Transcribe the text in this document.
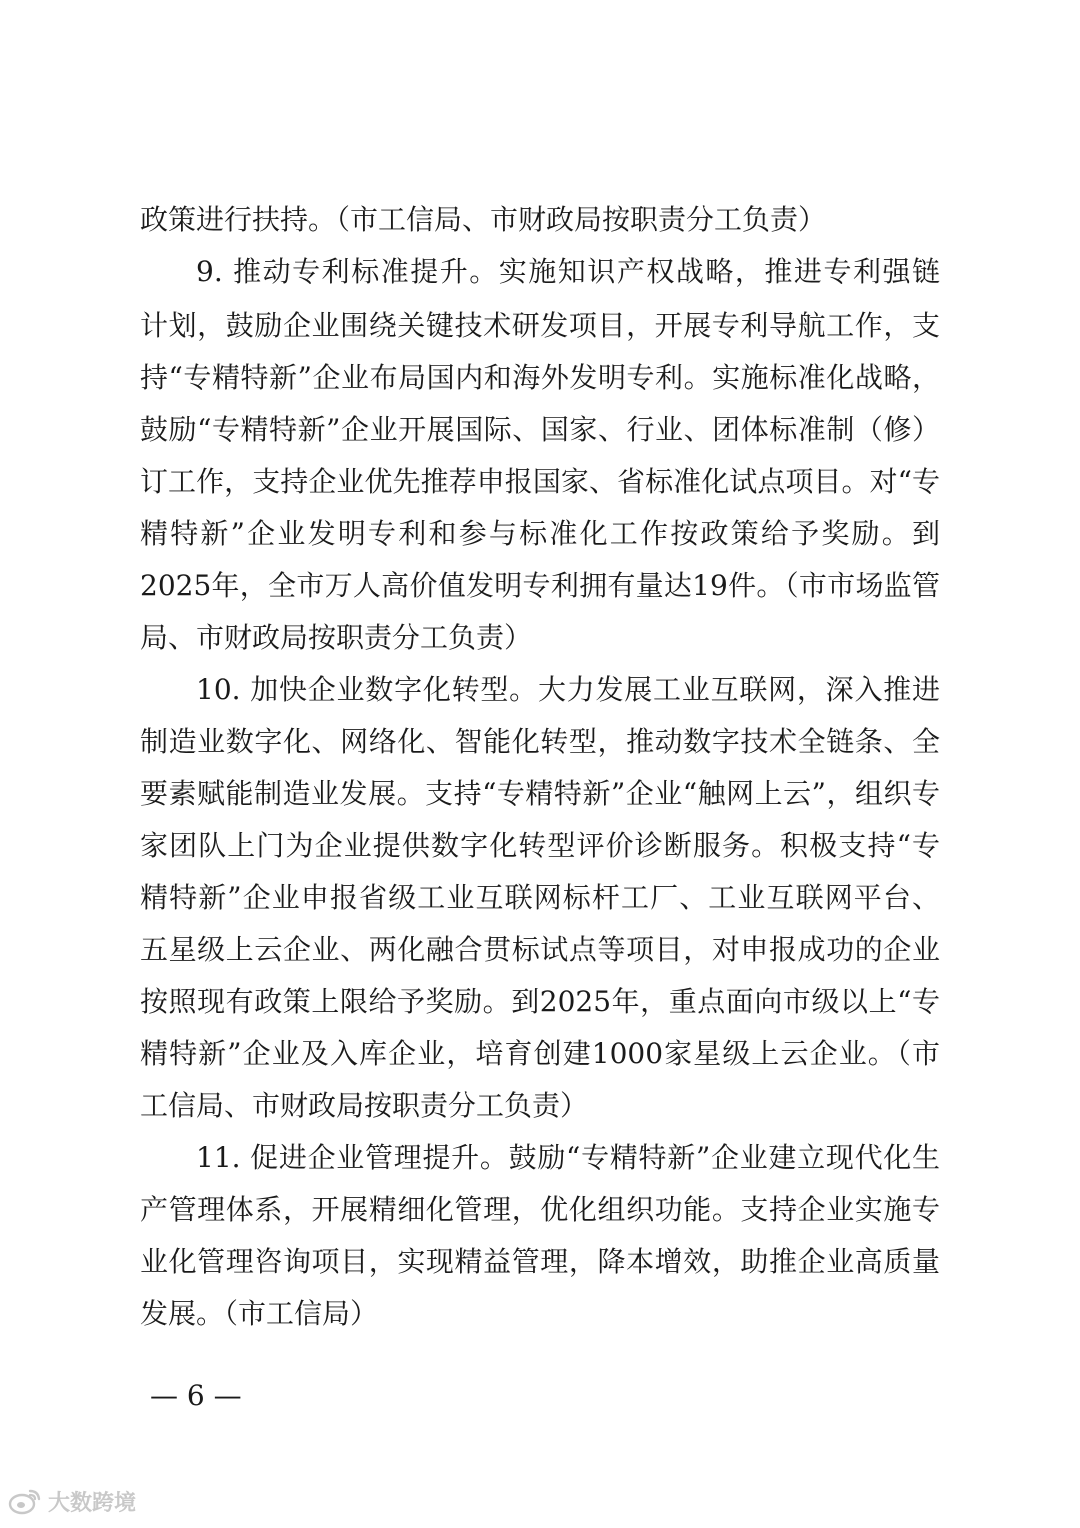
政策进行扶持。（市工信局、市财政局按职责分工负责）
9. 推动专利标准提升。实施知识产权战略，推进专利强链
计划，鼓励企业围绕关键技术研发项目，开展专利导航工作，支
持“专精特新”企业布局国内和海外发明专利。实施标准化战略，
鼓励“专精特新”企业开展国际、国家、行业、团体标准制（修）
订工作，支持企业优先推荐申报国家、省标准化试点项目。对“专
精特新”企业发明专利和参与标准化工作按政策给予奖励。到
2025年，全市万人高价值发明专利拥有量达19件。（市市场监管
局、市财政局按职责分工负责）
10. 加快企业数字化转型。大力发展工业互联网，深入推进
制造业数字化、网络化、智能化转型，推动数字技术全链条、全
要素赋能制造业发展。支持“专精特新”企业“触网上云”，组织专
家团队上门为企业提供数字化转型评价诊断服务。积极支持“专
精特新”企业申报省级工业互联网标杆工厂、工业互联网平台、
五星级上云企业、两化融合贯标试点等项目，对申报成功的企业
按照现有政策上限给予奖励。到2025年，重点面向市级以上“专
精特新”企业及入库企业，培育创建1000家星级上云企业。（市
工信局、市财政局按职责分工负责）
11. 促进企业管理提升。鼓励“专精特新”企业建立现代化生
产管理体系，开展精细化管理，优化组织功能。支持企业实施专
业化管理咨询项目，实现精益管理，降本增效，助推企业高质量
发展。（市工信局）
— 6 —
大数跨境
